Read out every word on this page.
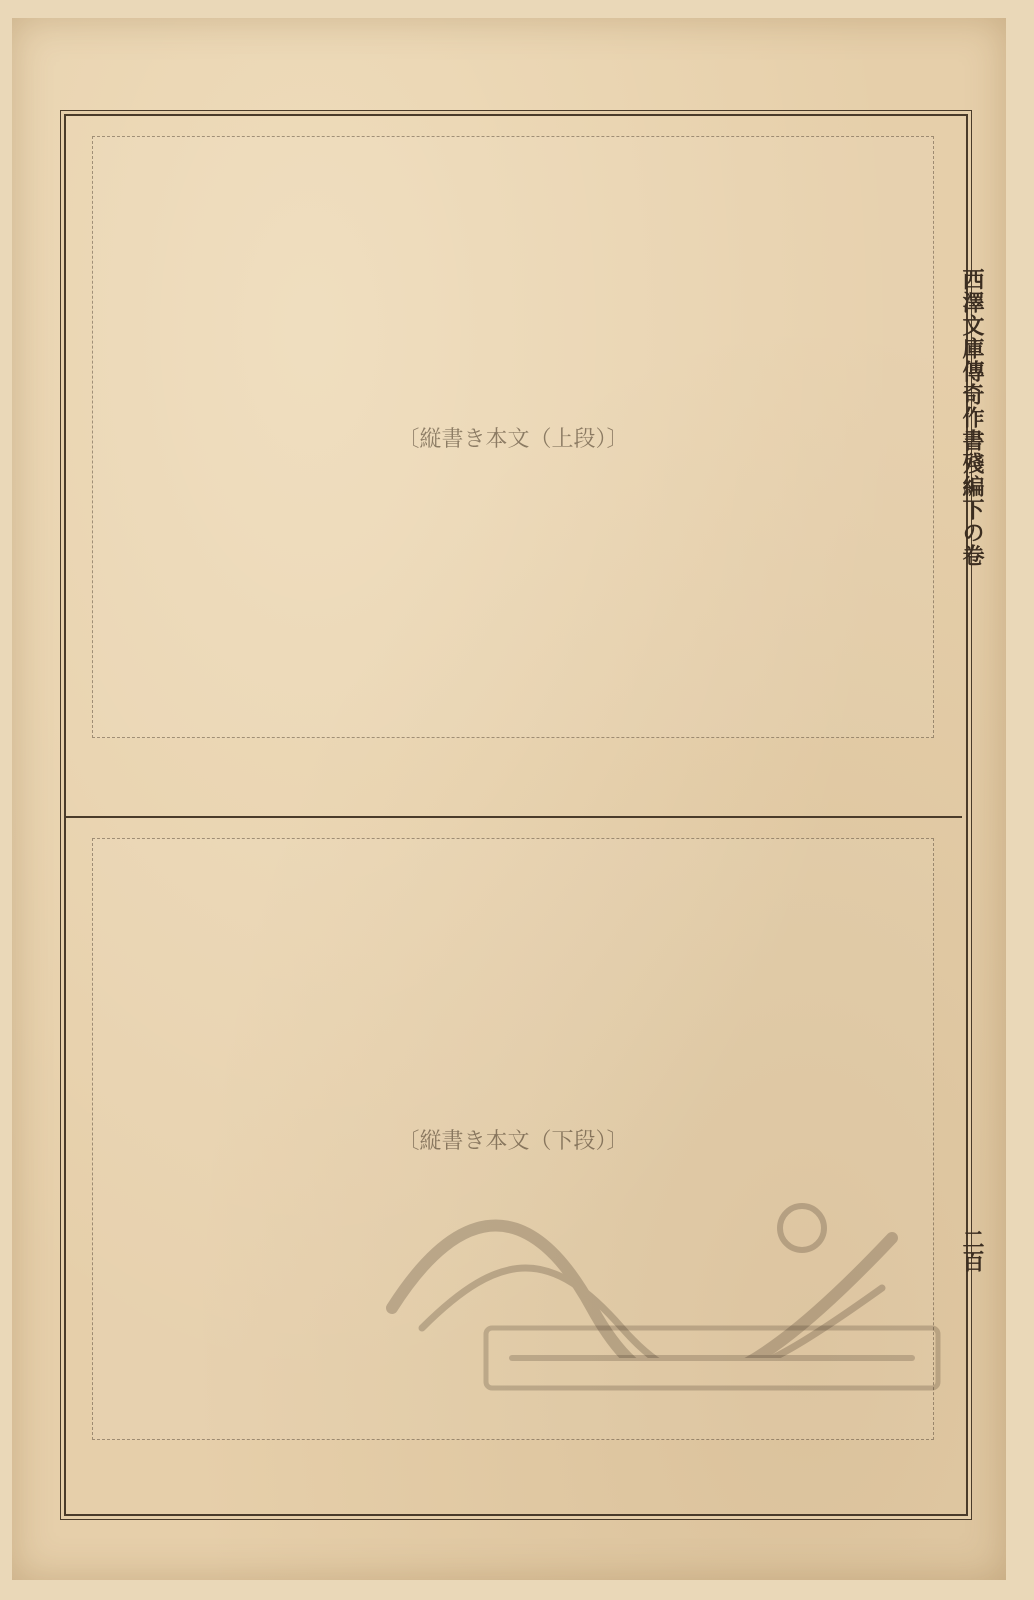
西澤文庫傳奇作書殘編下の卷
二百
〔縦書き本文（上段）〕
〔縦書き本文（下段）〕
